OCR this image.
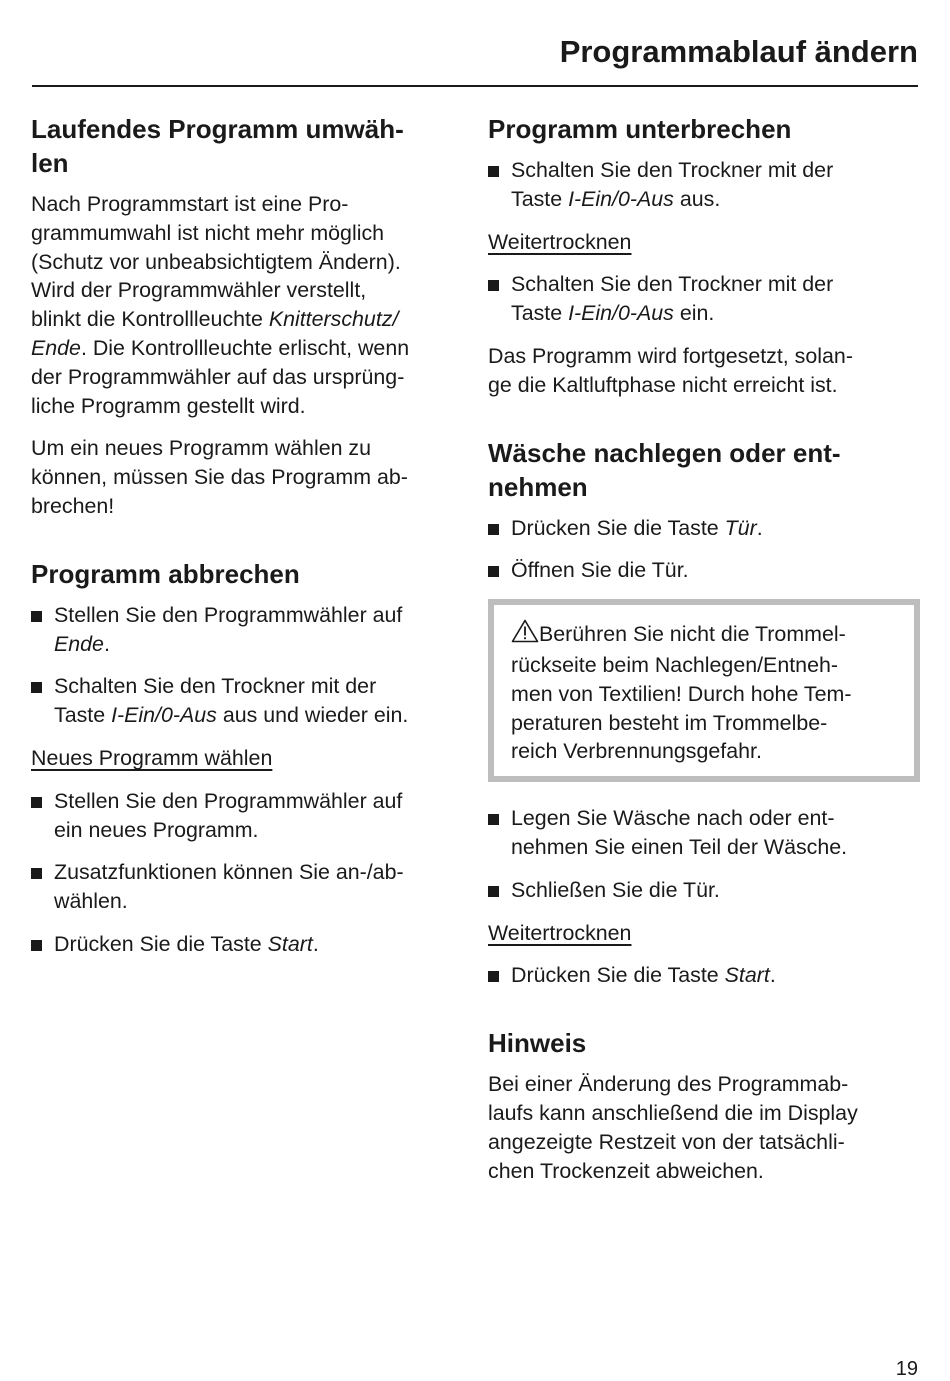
Programmablauf ändern
Laufendes Programm umwäh-
len

Nach Programmstart ist eine Pro-
grammumwahl ist nicht mehr möglich
(Schutz vor unbeabsichtigtem Ändern).
Wird der Programmwähler verstellt,
blinkt die Kontrollleuchte Knitterschutz/
Ende. Die Kontrollleuchte erlischt, wenn
der Programmwähler auf das ursprüng-
liche Programm gestellt wird.

Um ein neues Programm wählen zu
können, müssen Sie das Programm ab-
brechen!

Programm abbrechen
Stellen Sie den Programmwähler auf
Ende.
Schalten Sie den Trockner mit der
Taste I-Ein/0-Aus aus und wieder ein.
Neues Programm wählen
Stellen Sie den Programmwähler auf
ein neues Programm.
Zusatzfunktionen können Sie an-/ab-
wählen.
Drücken Sie die Taste Start.
Programm unterbrechen
Schalten Sie den Trockner mit der
Taste I-Ein/0-Aus aus.
Weitertrocknen
Schalten Sie den Trockner mit der
Taste I-Ein/0-Aus ein.

Das Programm wird fortgesetzt, solan-
ge die Kaltluftphase nicht erreicht ist.

Wäsche nachlegen oder ent-
nehmen
Drücken Sie die Taste Tür.
Öffnen Sie die Tür.
Berühren Sie nicht die Trommel-
rückseite beim Nachlegen/Entneh-
men von Textilien! Durch hohe Tem-
peraturen besteht im Trommelbe-
reich Verbrennungsgefahr.
Legen Sie Wäsche nach oder ent-
nehmen Sie einen Teil der Wäsche.
Schließen Sie die Tür.
Weitertrocknen
Drücken Sie die Taste Start.
Hinweis

Bei einer Änderung des Programmab-
laufs kann anschließend die im Display
angezeigte Restzeit von der tatsächli-
chen Trockenzeit abweichen.

19
